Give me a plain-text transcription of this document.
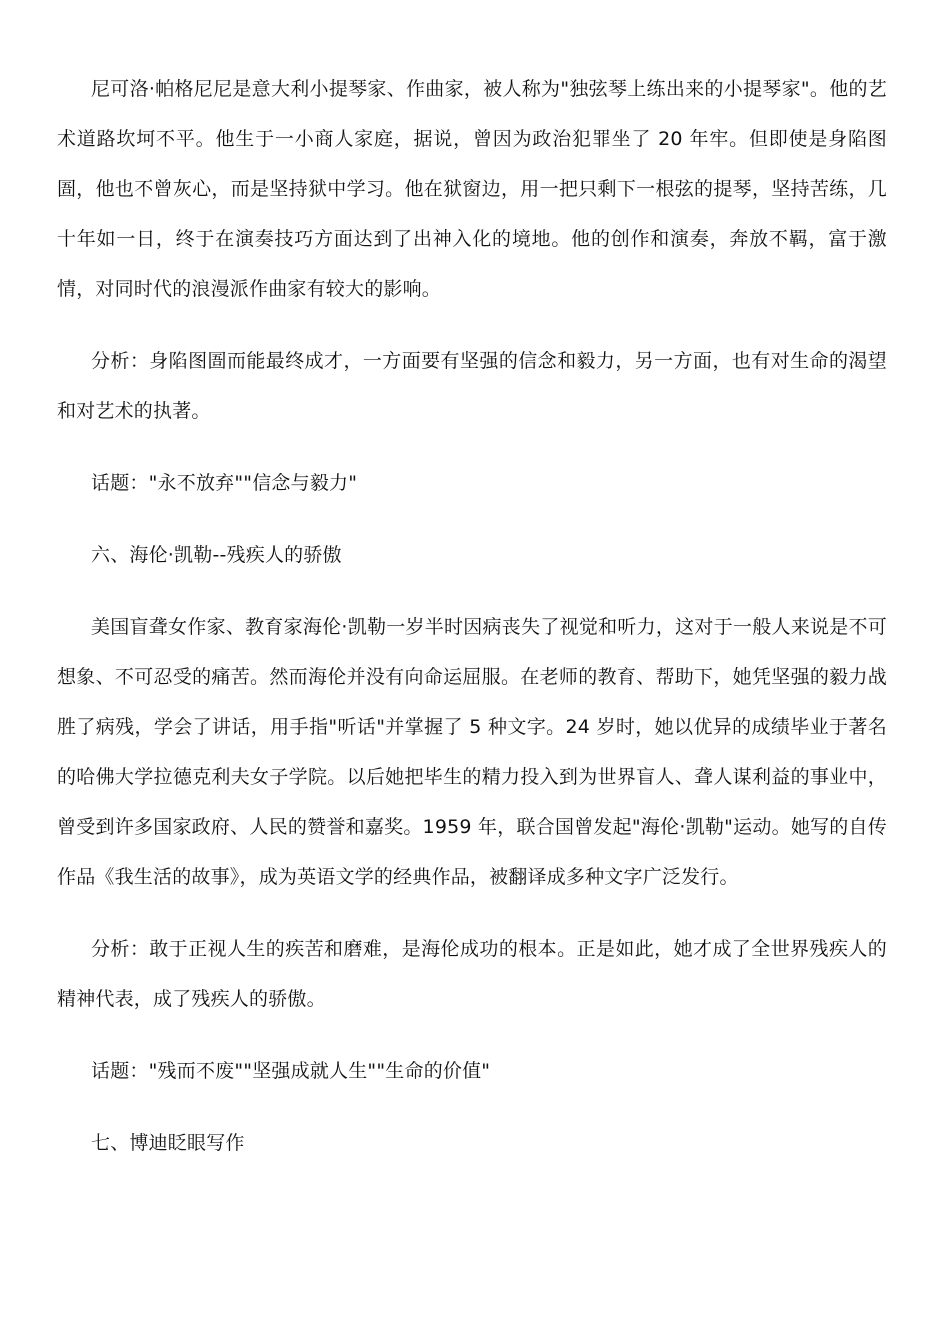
尼可洛·帕格尼尼是意大利小提琴家、作曲家，被人称为"独弦琴上练出来的小提琴家"。他的艺术道路坎坷不平。他生于一小商人家庭，据说，曾因为政治犯罪坐了 20 年牢。但即使是身陷图圄，他也不曾灰心，而是坚持狱中学习。他在狱窗边，用一把只剩下一根弦的提琴，坚持苦练，几十年如一日，终于在演奏技巧方面达到了出神入化的境地。他的创作和演奏，奔放不羁，富于激情，对同时代的浪漫派作曲家有较大的影响。

分析：身陷图圄而能最终成才，一方面要有坚强的信念和毅力，另一方面，也有对生命的渴望和对艺术的执著。

话题："永不放弃""信念与毅力"

六、海伦·凯勒--残疾人的骄傲

美国盲聋女作家、教育家海伦·凯勒一岁半时因病丧失了视觉和听力，这对于一般人来说是不可想象、不可忍受的痛苦。然而海伦并没有向命运屈服。在老师的教育、帮助下，她凭坚强的毅力战胜了病残，学会了讲话，用手指"听话"并掌握了 5 种文字。24 岁时，她以优异的成绩毕业于著名的哈佛大学拉德克利夫女子学院。以后她把毕生的精力投入到为世界盲人、聋人谋利益的事业中，曾受到许多国家政府、人民的赞誉和嘉奖。1959 年，联合国曾发起"海伦·凯勒"运动。她写的自传作品《我生活的故事》，成为英语文学的经典作品，被翻译成多种文字广泛发行。

分析：敢于正视人生的疾苦和磨难，是海伦成功的根本。正是如此，她才成了全世界残疾人的精神代表，成了残疾人的骄傲。

话题："残而不废""坚强成就人生""生命的价值"

七、博迪眨眼写作
